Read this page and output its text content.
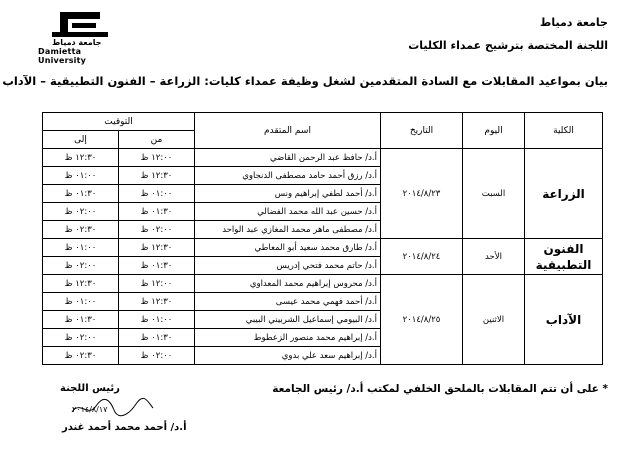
جامعة دمياط
اللجنة المختصة بترشيح عمداء الكليات
جامعة دمياط
Damietta University
بيان بمواعيد المقابلات مع السادة المتقدمين لشغل وظيفة عمداء كليات: الزراعة – الفنون التطبيقية – الآداب
الكلية	اليوم	التاريخ	اسم المتقدم	التوقيت	
				من	إلى
الزراعة	السبت	٢٠١٤/٨/٢٣	أ.د/ حافظ عبد الرحمن القاضي	١٢:٠٠ ظ	١٢:٣٠ ظ
			أ.د/ رزق أحمد حامد مصطفى الدنجاوي	١٢:٣٠ ظ	٠١:٠٠ ظ
			أ.د/ أحمد لطفي إبراهيم ونس	٠١:٠٠ ظ	٠١:٣٠ ظ
			أ.د/ حسين عبد الله محمد الفضالي	٠١:٣٠ ظ	٠٢:٠٠ ظ
			أ.د/ مصطفى ماهر محمد المغازي عبد الواحد	٠٢:٠٠ ظ	٠٢:٣٠ ظ
الفنون التطبيقية	الأحد	٢٠١٤/٨/٢٤	أ.د/ طارق محمد سعيد أبو المعاطي	١٢:٣٠ ظ	٠١:٠٠ ظ
			أ.د/ حاتم محمد فتحي إدريس	٠١:٣٠ ظ	٠٢:٠٠ ظ
الآداب	الاثنين	٢٠١٤/٨/٢٥	أ.د/ محروس إبراهيم محمد المعداوي	١٢:٠٠ ظ	١٢:٣٠ ظ
			أ.د/ أحمد فهمي محمد عيسى	١٢:٣٠ ظ	٠١:٠٠ ظ
			أ.د/ البيومي إسماعيل الشربيني البيبي	٠١:٠٠ ظ	٠١:٣٠ ظ
			أ.د/ إبراهيم محمد منصور الزعطوط	٠١:٣٠ ظ	٠٢:٠٠ ظ
			أ.د/ إبراهيم سعد علي بدوي	٠٢:٠٠ ظ	٠٢:٣٠ ظ
* على أن تتم المقابلات بالملحق الخلفي لمكتب أ.د/ رئيس الجامعة
رئيس اللجنة
٢٠١٤/٨/١٧
أ.د/ أحمد محمد أحمد غندر
